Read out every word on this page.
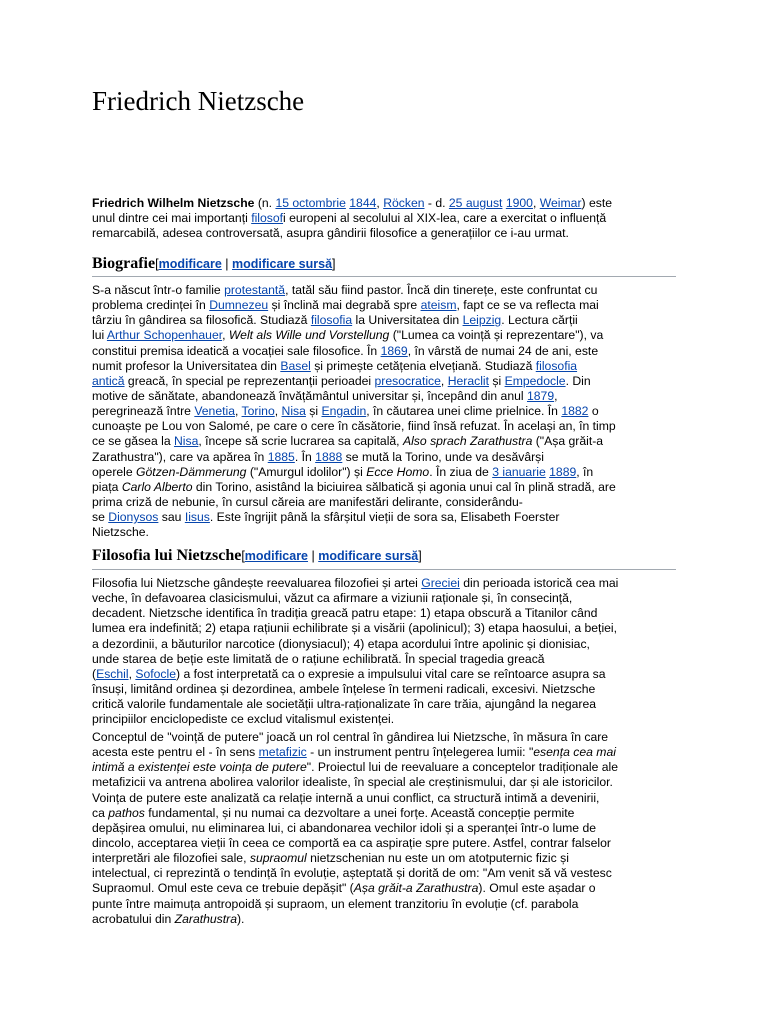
Friedrich Nietzsche
Friedrich Wilhelm Nietzsche (n. 15 octombrie 1844, Röcken - d. 25 august 1900, Weimar) este
unul dintre cei mai importanți filosofi europeni al secolului al XIX-lea, care a exercitat o influență
remarcabilă, adesea controversată, asupra gândirii filosofice a generațiilor ce i-au urmat.
Biografie[modificare | modificare sursă]
S-a născut într-o familie protestantă, tatăl său fiind pastor. Încă din tinerețe, este confruntat cu
problema credinței în Dumnezeu și înclină mai degrabă spre ateism, fapt ce se va reflecta mai
târziu în gândirea sa filosofică. Studiază filosofia la Universitatea din Leipzig. Lectura cărții
lui Arthur Schopenhauer, Welt als Wille und Vorstellung ("Lumea ca voință și reprezentare"), va
constitui premisa ideatică a vocației sale filosofice. În 1869, în vârstă de numai 24 de ani, este
numit profesor la Universitatea din Basel și primește cetățenia elvețiană. Studiază filosofia
antică greacă, în special pe reprezentanții perioadei presocratice, Heraclit și Empedocle. Din
motive de sănătate, abandonează învățământul universitar și, începând din anul 1879,
peregrinează între Venetia, Torino, Nisa și Engadin, în căutarea unei clime prielnice. În 1882 o
cunoaște pe Lou von Salomé, pe care o cere în căsătorie, fiind însă refuzat. În același an, în timp
ce se găsea la Nisa, începe să scrie lucrarea sa capitală, Also sprach Zarathustra ("Așa grăit-a
Zarathustra"), care va apărea în 1885. În 1888 se mută la Torino, unde va desăvârși
operele Götzen-Dämmerung ("Amurgul idolilor") și Ecce Homo. În ziua de 3 ianuarie 1889, în
piața Carlo Alberto din Torino, asistând la biciuirea sălbatică și agonia unui cal în plină stradă, are
prima criză de nebunie, în cursul căreia are manifestări delirante, considerându-
se Dionysos sau Iisus. Este îngrijit până la sfârșitul vieții de sora sa, Elisabeth Foerster
Nietzsche.
Filosofia lui Nietzsche[modificare | modificare sursă]
Filosofia lui Nietzsche gândește reevaluarea filozofiei și artei Greciei din perioada istorică cea mai
veche, în defavoarea clasicismului, văzut ca afirmare a viziunii raționale și, în consecință,
decadent. Nietzsche identifica în tradiția greacă patru etape: 1) etapa obscură a Titanilor când
lumea era indefinită; 2) etapa rațiunii echilibrate și a visării (apolinicul); 3) etapa haosului, a beției,
a dezordinii, a băuturilor narcotice (dionysiacul); 4) etapa acordului între apolinic și dionisiac,
unde starea de beție este limitată de o rațiune echilibrată. În special tragedia greacă
(Eschil, Sofocle) a fost interpretată ca o expresie a impulsului vital care se reîntoarce asupra sa
însuși, limitând ordinea și dezordinea, ambele înțelese în termeni radicali, excesivi. Nietzsche
critică valorile fundamentale ale societății ultra-raționalizate în care trăia, ajungând la negarea
principiilor enciclopediste ce exclud vitalismul existenței.
Conceptul de "voință de putere" joacă un rol central în gândirea lui Nietzsche, în măsura în care
acesta este pentru el - în sens metafizic - un instrument pentru înțelegerea lumii: "esența cea mai
intimă a existenței este voința de putere". Proiectul lui de reevaluare a conceptelor tradiționale ale
metafizicii va antrena abolirea valorilor idealiste, în special ale creștinismului, dar și ale istoricilor.
Voința de putere este analizată ca relație internă a unui conflict, ca structură intimă a devenirii,
ca pathos fundamental, și nu numai ca dezvoltare a unei forțe. Această concepție permite
depășirea omului, nu eliminarea lui, ci abandonarea vechilor idoli și a speranței într-o lume de
dincolo, acceptarea vieții în ceea ce comportă ea ca aspirație spre putere. Astfel, contrar falselor
interpretări ale filozofiei sale, supraomul nietzschenian nu este un om atotputernic fizic și
intelectual, ci reprezintă o tendință în evoluție, așteptată și dorită de om: "Am venit să vă vestesc
Supraomul. Omul este ceva ce trebuie depășit" (Așa grăit-a Zarathustra). Omul este așadar o
punte între maimuța antropoidă și supraom, un element tranzitoriu în evoluție (cf. parabola
acrobatului din Zarathustra).
